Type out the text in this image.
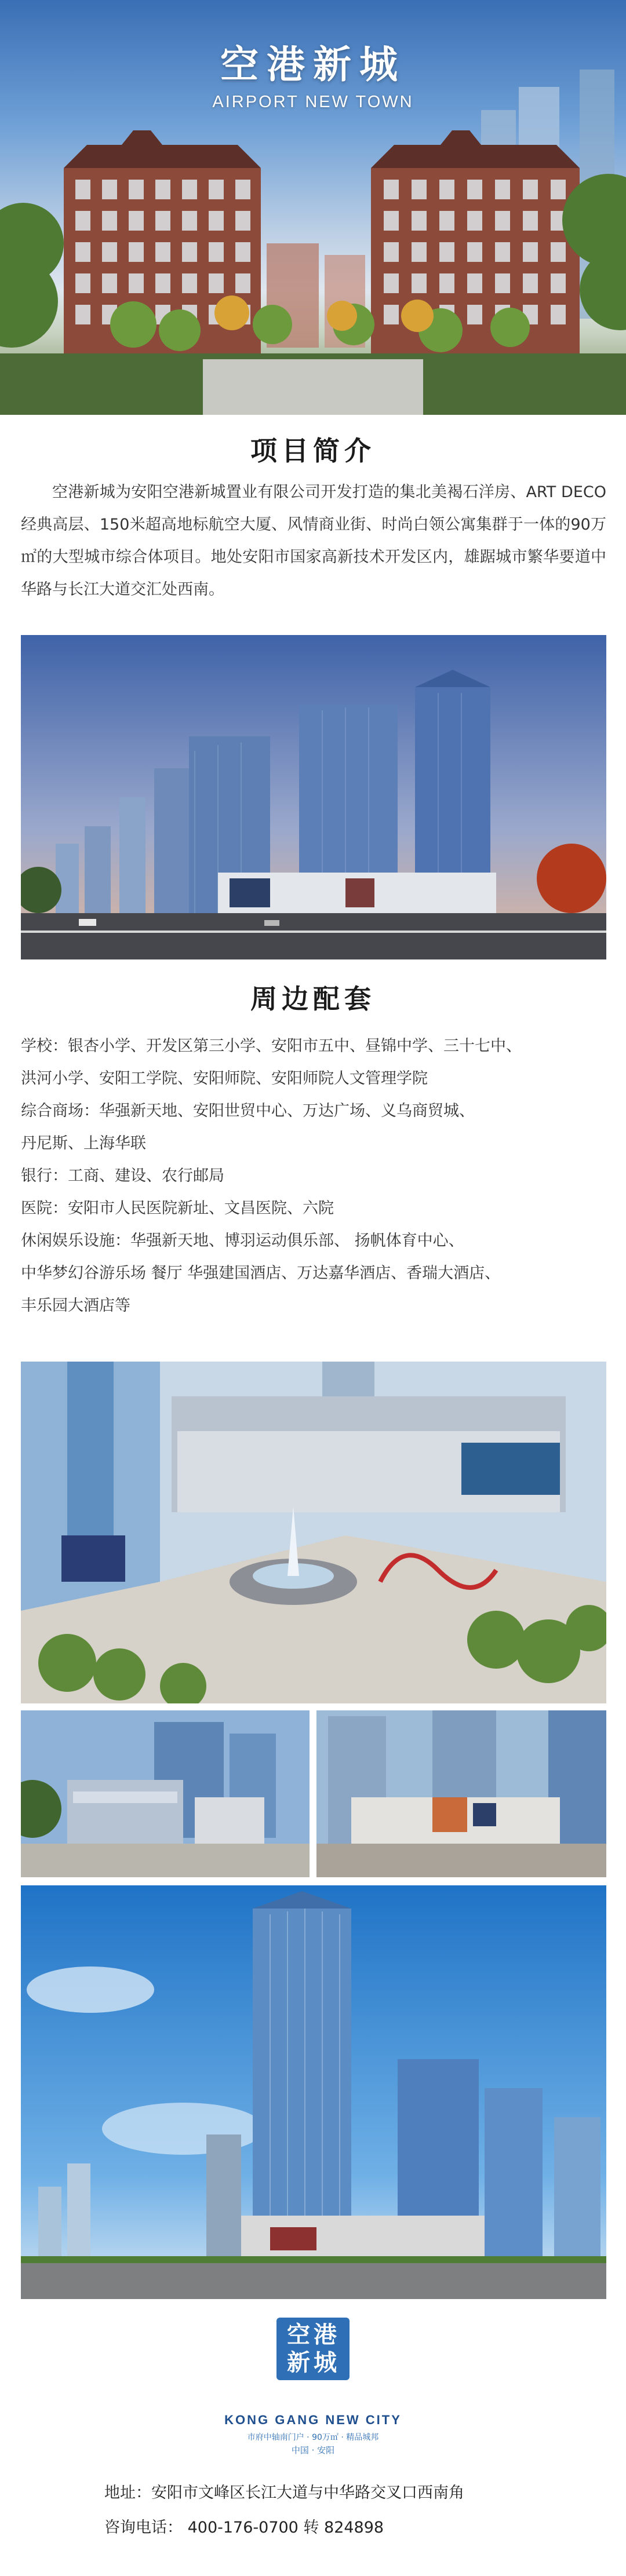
空港新城
AIRPORT NEW TOWN
项目简介
空港新城为安阳空港新城置业有限公司开发打造的集北美褐石洋房、ART DECO经典高层、150米超高地标航空大厦、风情商业街、时尚白领公寓集群于一体的90万㎡的大型城市综合体项目。地处安阳市国家高新技术开发区内，雄踞城市繁华要道中华路与长江大道交汇处西南。
周边配套
学校：银杏小学、开发区第三小学、安阳市五中、昼锦中学、三十七中、
洪河小学、安阳工学院、安阳师院、安阳师院人文管理学院
综合商场：华强新天地、安阳世贸中心、万达广场、义乌商贸城、
丹尼斯、上海华联
银行：工商、建设、农行邮局
医院：安阳市人民医院新址、文昌医院、六院
休闲娱乐设施：华强新天地、博羽运动俱乐部、 扬帆体育中心、
中华梦幻谷游乐场 餐厅 华强建国酒店、万达嘉华酒店、香瑞大酒店、
丰乐园大酒店等
空 港
新 城
KONG GANG NEW CITY
市府中轴南门户 · 90万㎡ · 精品城邦
中国 · 安阳
地址：安阳市文峰区长江大道与中华路交叉口西南角
咨询电话： 400-176-0700 转 824898
